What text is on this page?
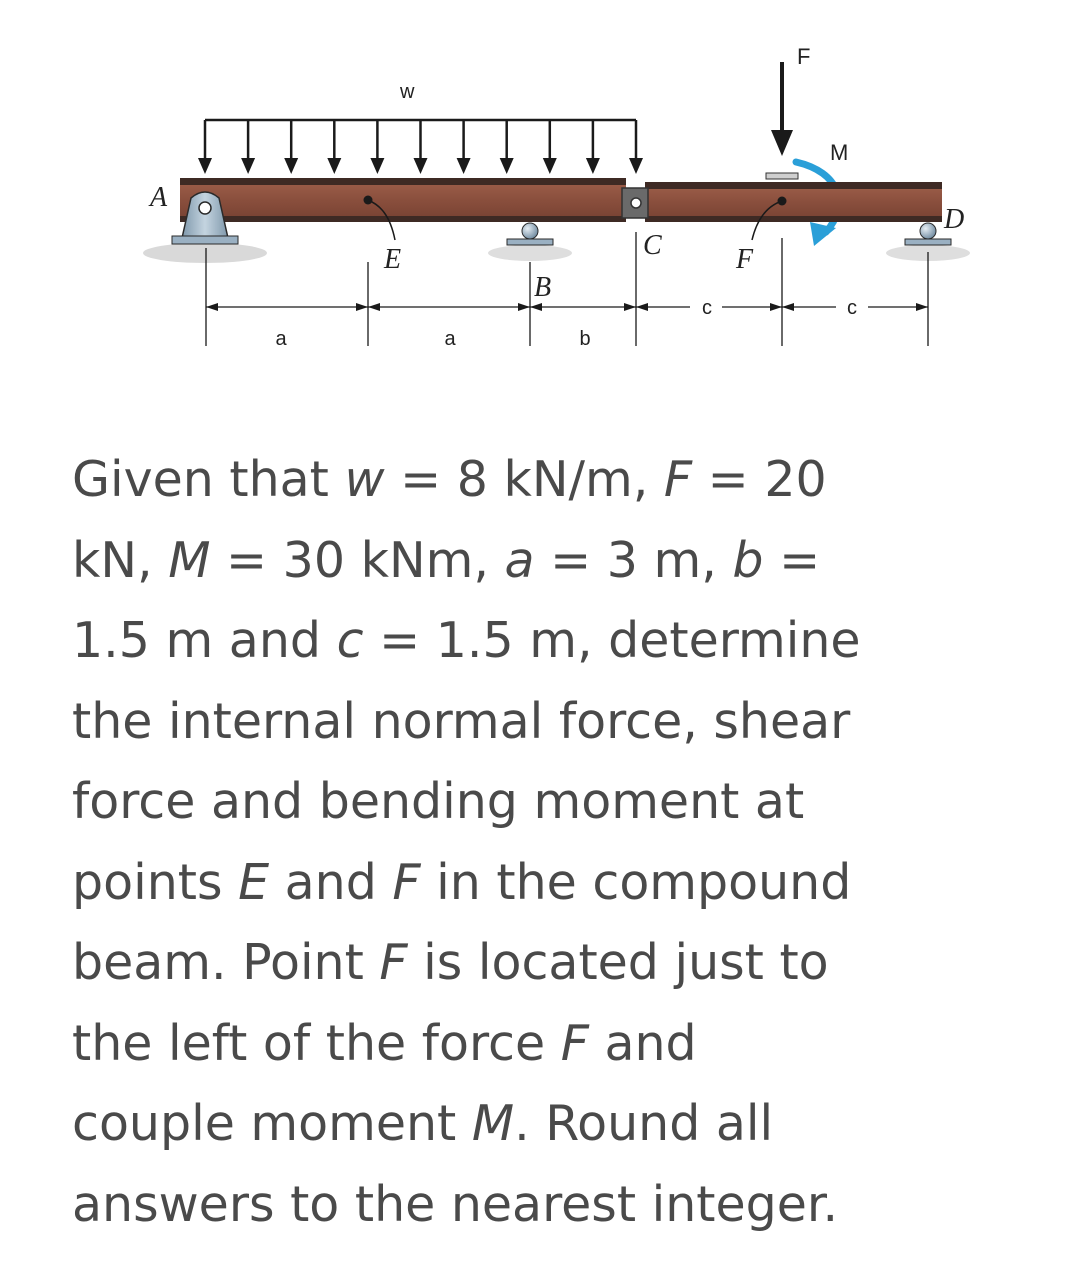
w
F
M
A
E
B
C	F
D
a	a	b
c	c

Given that w = 8 kN/m, F = 20
kN, M = 30 kNm, a = 3 m, b =
1.5 m and c = 1.5 m, determine
the internal normal force, shear
force and bending moment at
points E and F in the compound
beam. Point F is located just to
the left of the force F and
couple moment M. Round all
answers to the nearest integer.
